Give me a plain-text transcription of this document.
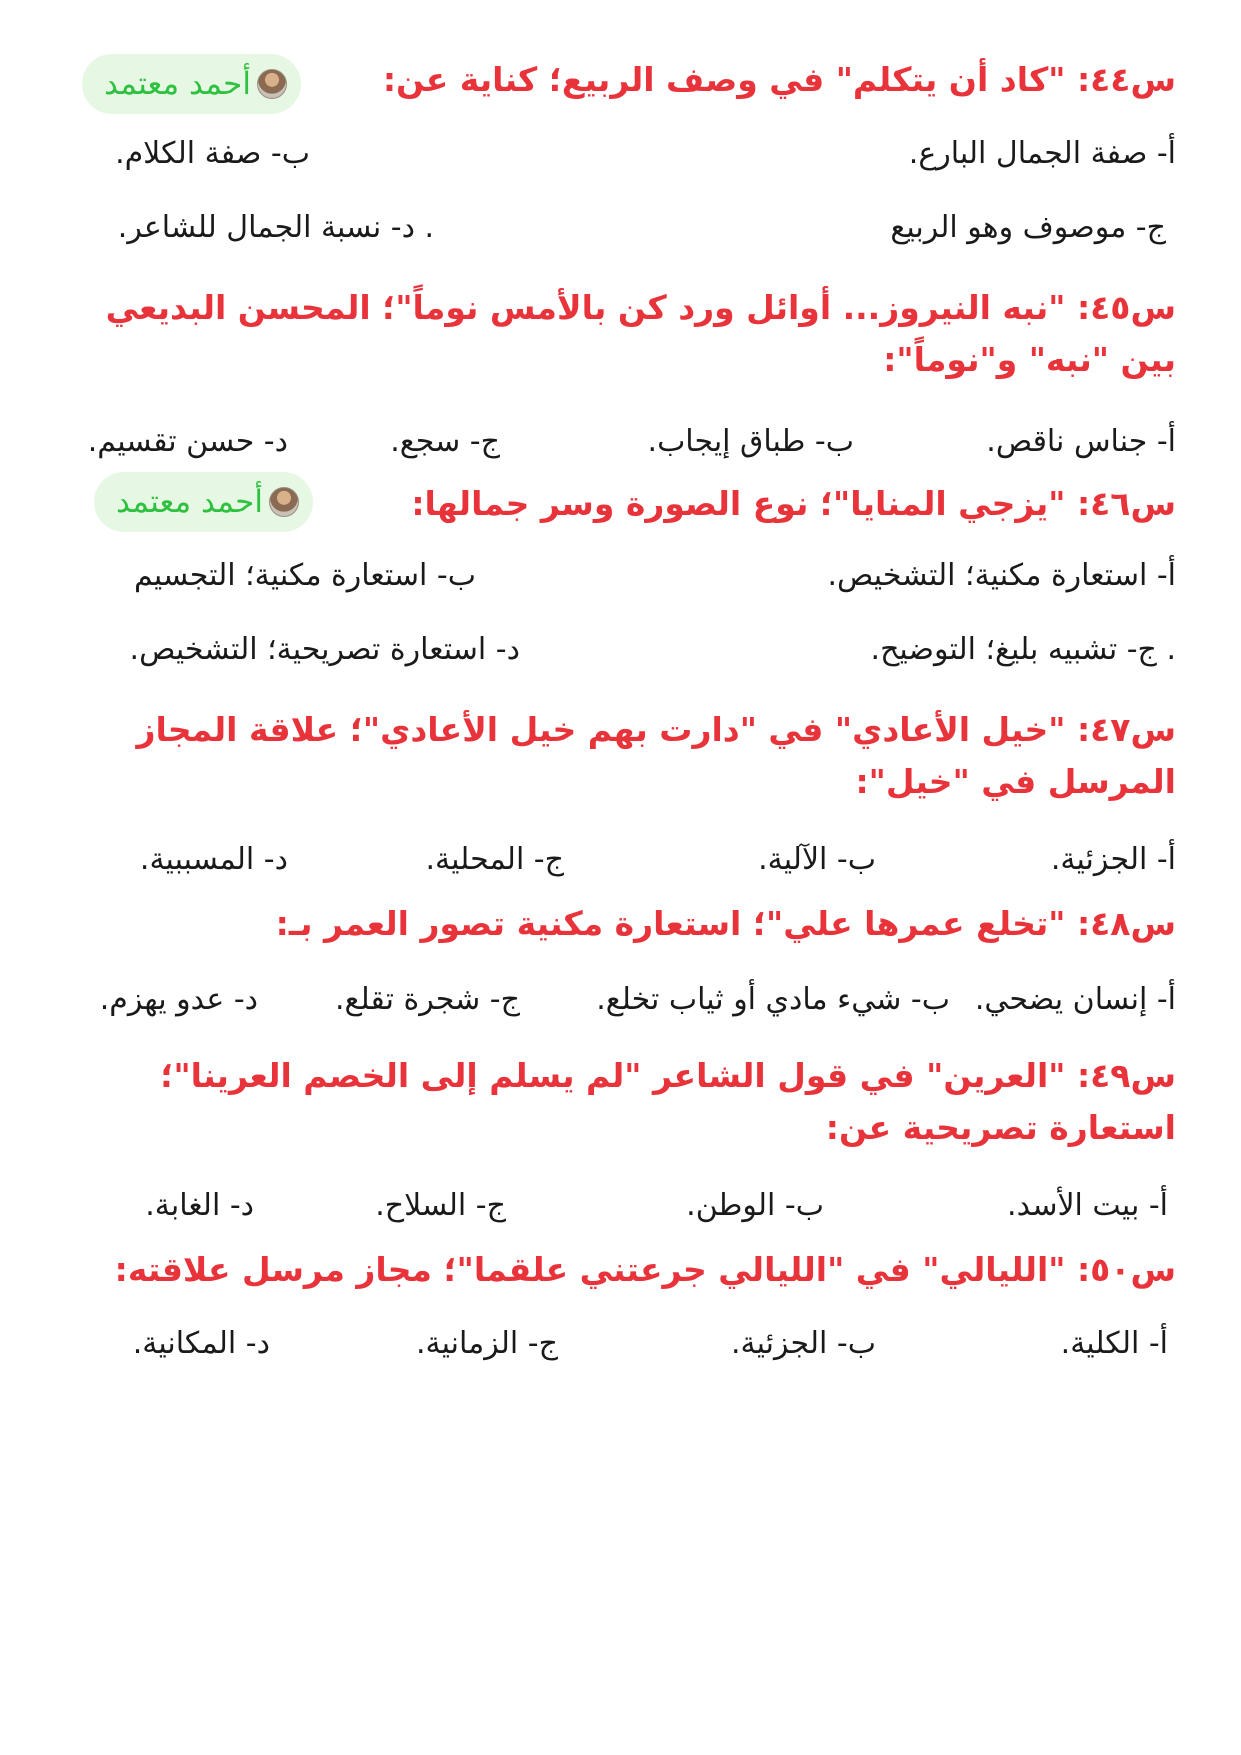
أحمد معتمد	س٤٤: "كاد أن يتكلم" في وصف الربيع؛ كناية عن:

أ- صفة الجمال البارع.
ب- صفة الكلام.
ج- موصوف وهو الربيع
. د- نسبة الجمال للشاعر.

س٤٥: "نبه النيروز... أوائل ورد كن بالأمس نوماً"؛ المحسن البديعي بين "نبه" و"نوماً":

أ- جناس ناقص.
ب- طباق إيجاب.
ج- سجع.
د- حسن تقسيم.
أحمد معتمد	س٤٦: "يزجي المنايا"؛ نوع الصورة وسر جمالها:

أ- استعارة مكنية؛ التشخيص.
ب- استعارة مكنية؛ التجسيم
. ج- تشبيه بليغ؛ التوضيح.
د- استعارة تصريحية؛ التشخيص.

س٤٧: "خيل الأعادي" في "دارت بهم خيل الأعادي"؛ علاقة المجاز المرسل في "خيل":

أ- الجزئية.
ب- الآلية.
ج- المحلية.
د- المسببية.

س٤٨: "تخلع عمرها علي"؛ استعارة مكنية تصور العمر بـ:

أ- إنسان يضحي.
ب- شيء مادي أو ثياب تخلع.
ج- شجرة تقلع.
د- عدو يهزم.

س٤٩: "العرين" في قول الشاعر "لم يسلم إلى الخصم العرينا"؛ استعارة تصريحية عن:

أ- بيت الأسد.
ب- الوطن.
ج- السلاح.
د- الغابة.

س٥٠: "الليالي" في "الليالي جرعتني علقما"؛ مجاز مرسل علاقته:

أ- الكلية.
ب- الجزئية.
ج- الزمانية.
د- المكانية.
